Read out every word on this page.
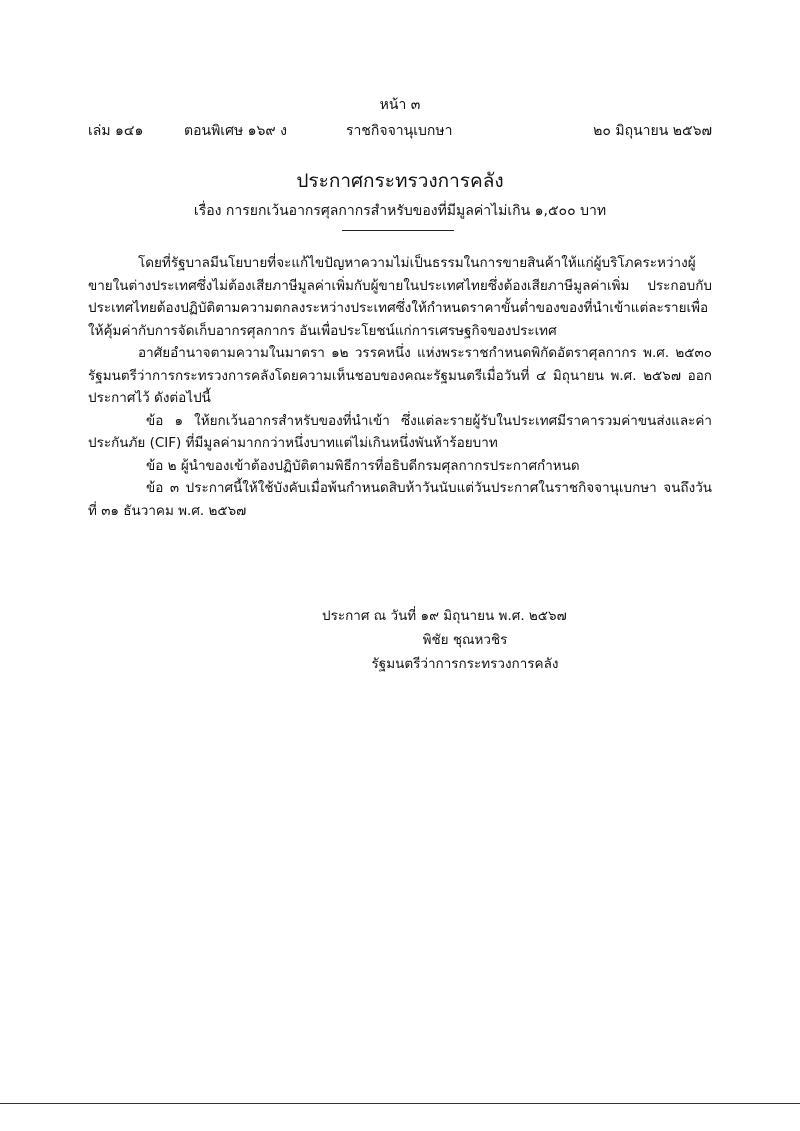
หน้า ๓
เล่ม ๑๔๑	ตอนพิเศษ ๑๖๙ ง	ราชกิจจานุเบกษา	๒๐ มิถุนายน ๒๕๖๗
ประกาศกระทรวงการคลัง
เรื่อง การยกเว้นอากรศุลกากรสำหรับของที่มีมูลค่าไม่เกิน ๑,๕๐๐ บาท

โดยที่รัฐบาลมีนโยบายที่จะแก้ไขปัญหาความไม่เป็นธรรมในการขายสินค้าให้แก่ผู้บริโภคระหว่างผู้ขายในต่างประเทศซึ่งไม่ต้องเสียภาษีมูลค่าเพิ่มกับผู้ขายในประเทศไทยซึ่งต้องเสียภาษีมูลค่าเพิ่ม ประกอบกับประเทศไทยต้องปฏิบัติตามความตกลงระหว่างประเทศซึ่งให้กำหนดราคาขั้นต่ำของของที่นำเข้าแต่ละรายเพื่อให้คุ้มค่ากับการจัดเก็บอากรศุลกากร อันเพื่อประโยชน์แก่การเศรษฐกิจของประเทศ

อาศัยอำนาจตามความในมาตรา ๑๒ วรรคหนึ่ง แห่งพระราชกำหนดพิกัดอัตราศุลกากร พ.ศ. ๒๕๓๐ รัฐมนตรีว่าการกระทรวงการคลังโดยความเห็นชอบของคณะรัฐมนตรีเมื่อวันที่ ๔ มิถุนายน พ.ศ. ๒๕๖๗ ออกประกาศไว้ ดังต่อไปนี้

ข้อ ๑ ให้ยกเว้นอากรสำหรับของที่นำเข้า ซึ่งแต่ละรายผู้รับในประเทศมีราคารวมค่าขนส่งและค่าประกันภัย (CIF) ที่มีมูลค่ามากกว่าหนึ่งบาทแต่ไม่เกินหนึ่งพันห้าร้อยบาท

ข้อ ๒ ผู้นำของเข้าต้องปฏิบัติตามพิธีการที่อธิบดีกรมศุลกากรประกาศกำหนด

ข้อ ๓ ประกาศนี้ให้ใช้บังคับเมื่อพ้นกำหนดสิบห้าวันนับแต่วันประกาศในราชกิจจานุเบกษา จนถึงวันที่ ๓๑ ธันวาคม พ.ศ. ๒๕๖๗

ประกาศ ณ วันที่ ๑๙ มิถุนายน พ.ศ. ๒๕๖๗
พิชัย ชุณหวชิร
รัฐมนตรีว่าการกระทรวงการคลัง
